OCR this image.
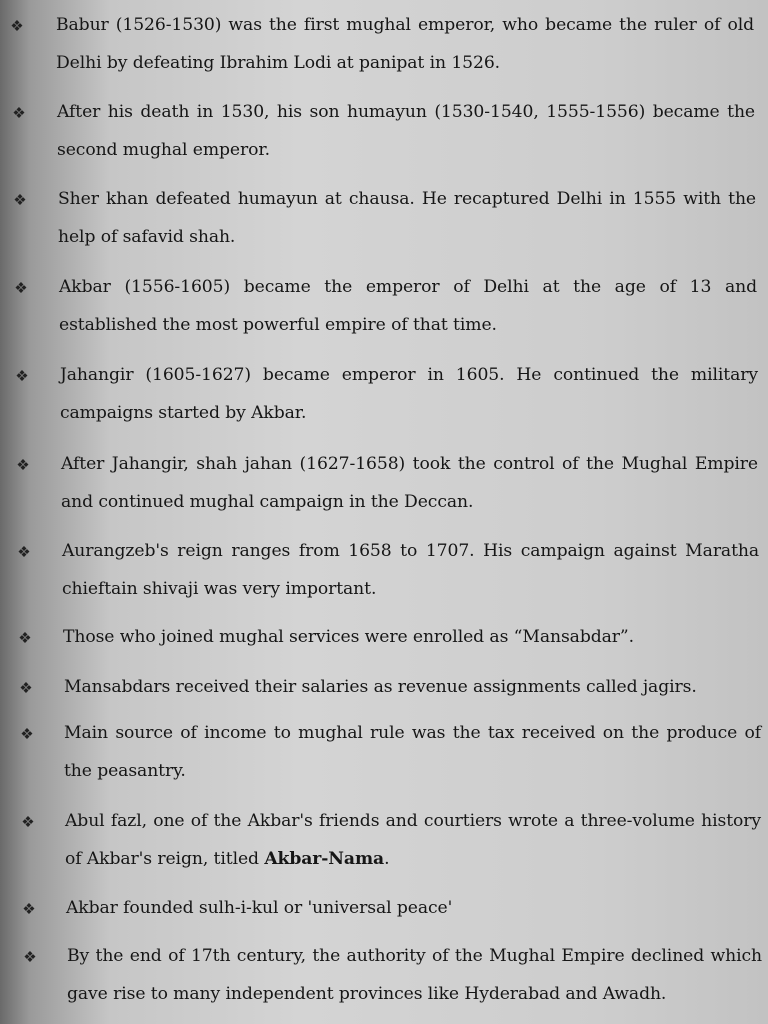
❖ Babur (1526-1530) was the first mughal emperor, who became the ruler of old Delhi by defeating Ibrahim Lodi at panipat in 1526.
❖ After his death in 1530, his son humayun (1530-1540, 1555-1556) became the second mughal emperor.
❖ Sher khan defeated humayun at chausa. He recaptured Delhi in 1555 with the help of safavid shah.
❖ Akbar (1556-1605) became the emperor of Delhi at the age of 13 and established the most powerful empire of that time.
❖ Jahangir (1605-1627) became emperor in 1605. He continued the military campaigns started by Akbar.
❖ After Jahangir, shah jahan (1627-1658) took the control of the Mughal Empire and continued mughal campaign in the Deccan.
❖ Aurangzeb's reign ranges from 1658 to 1707. His campaign against Maratha chieftain shivaji was very important.
❖ Those who joined mughal services were enrolled as “Mansabdar”.
❖ Mansabdars received their salaries as revenue assignments called jagirs.
❖ Main source of income to mughal rule was the tax received on the produce of the peasantry.
❖ Abul fazl, one of the Akbar's friends and courtiers wrote a three-volume history of Akbar's reign, titled Akbar-Nama.
❖ Akbar founded sulh-i-kul or 'universal peace'
❖ By the end of 17th century, the authority of the Mughal Empire declined which gave rise to many independent provinces like Hyderabad and Awadh.
